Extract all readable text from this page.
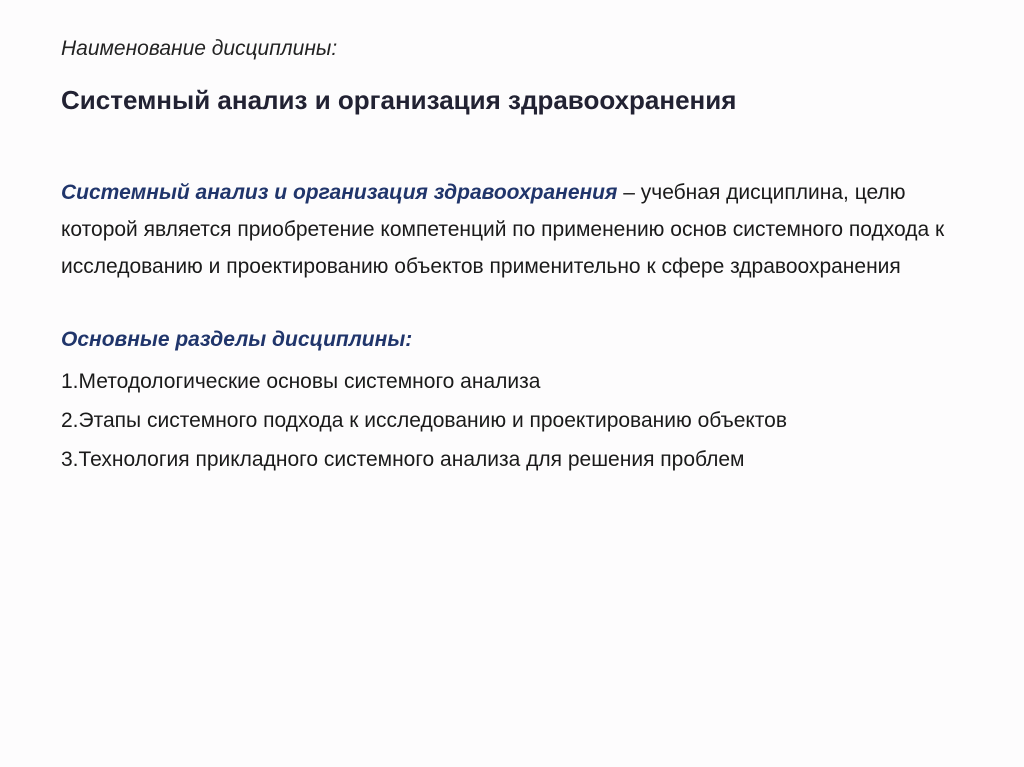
Наименование дисциплины:
Системный анализ и организация здравоохранения
Системный анализ и организация здравоохранения – учебная дисциплина, целю которой является приобретение компетенций по применению основ системного подхода к исследованию и проектированию объектов применительно к сфере здравоохранения
Основные разделы дисциплины:
1.Методологические основы системного анализа
2.Этапы системного подхода к исследованию и проектированию объектов
3.Технология прикладного системного анализа для решения проблем
